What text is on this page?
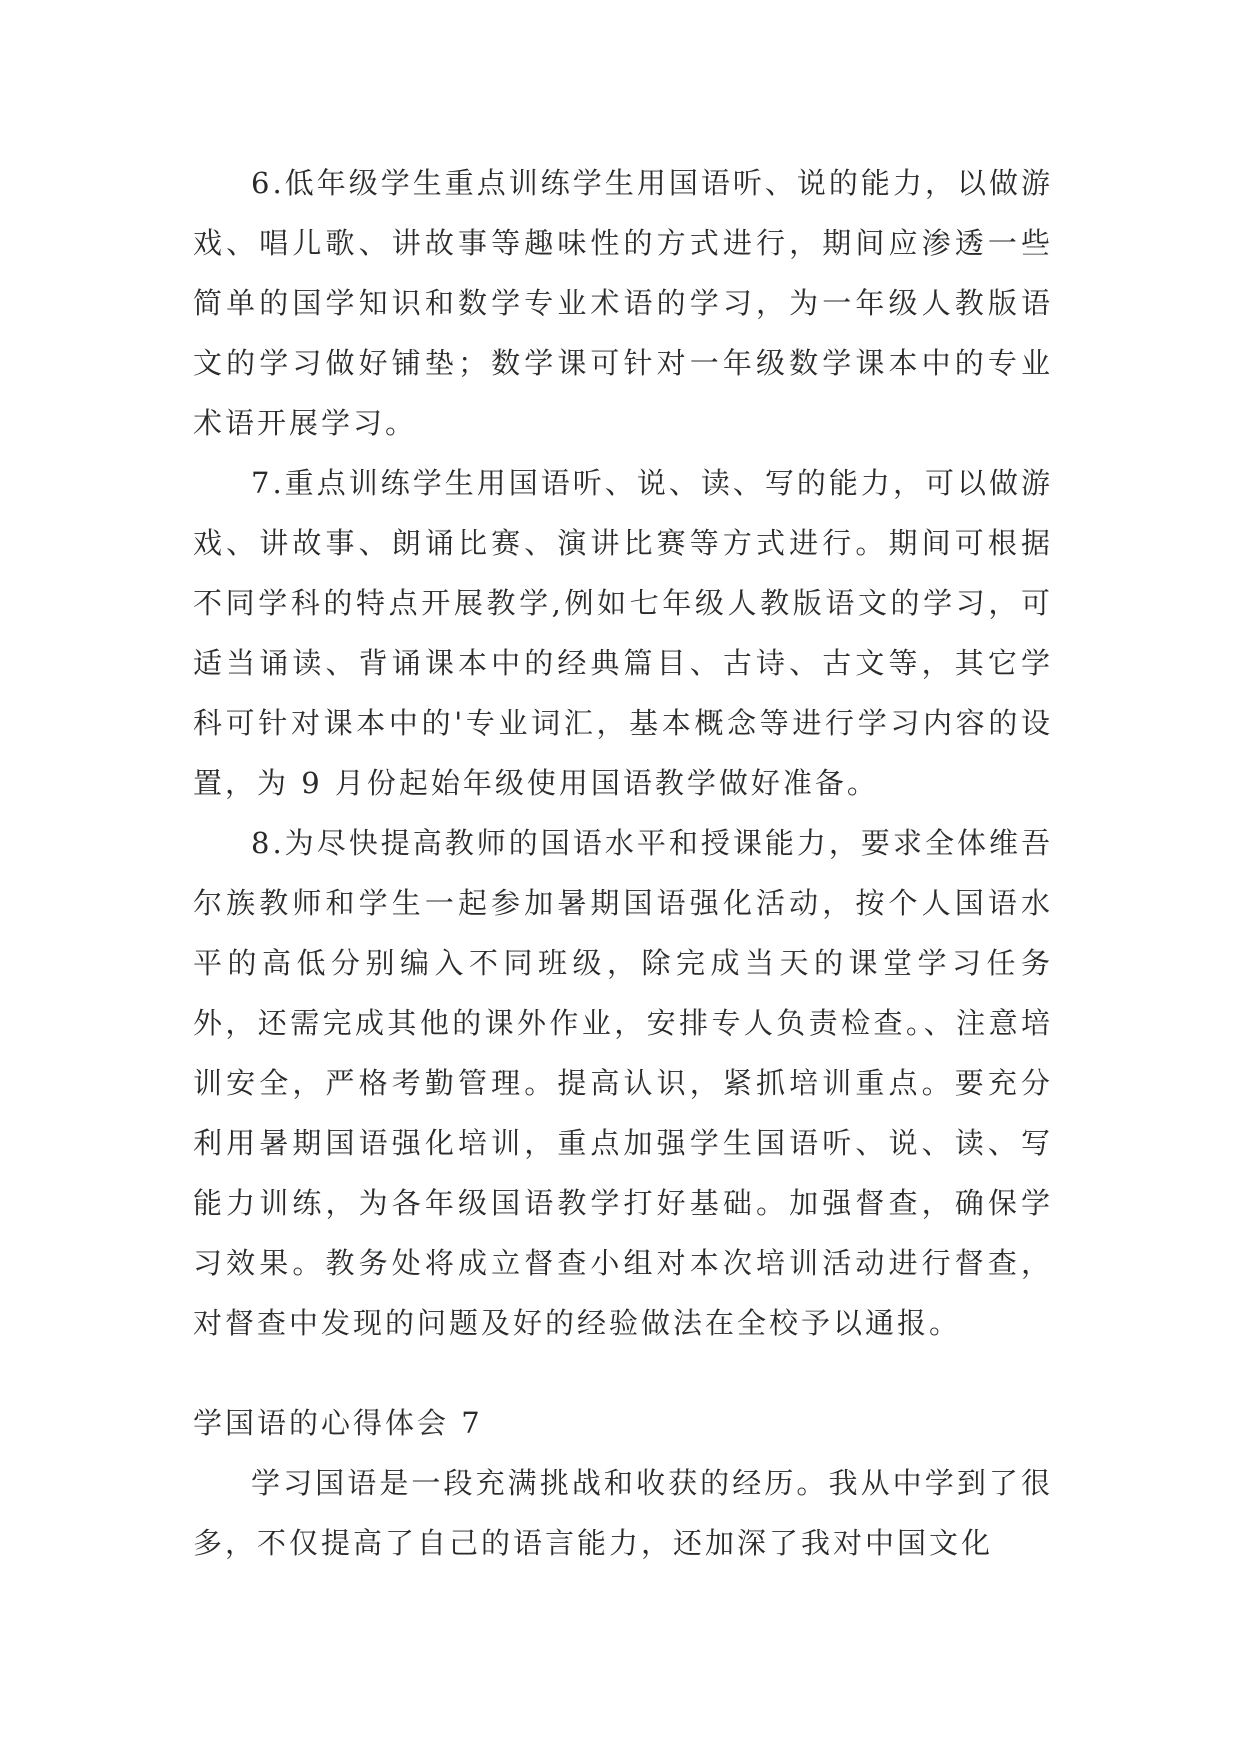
6.低年级学生重点训练学生用国语听、说的能力，以做游戏、唱儿歌、讲故事等趣味性的方式进行，期间应渗透一些简单的国学知识和数学专业术语的学习，为一年级人教版语文的学习做好铺垫；数学课可针对一年级数学课本中的专业术语开展学习。

7.重点训练学生用国语听、说、读、写的能力，可以做游戏、讲故事、朗诵比赛、演讲比赛等方式进行。期间可根据不同学科的特点开展教学,例如七年级人教版语文的学习，可适当诵读、背诵课本中的经典篇目、古诗、古文等，其它学科可针对课本中的'专业词汇，基本概念等进行学习内容的设置，为 9 月份起始年级使用国语教学做好准备。

8.为尽快提高教师的国语水平和授课能力，要求全体维吾尔族教师和学生一起参加暑期国语强化活动，按个人国语水平的高低分别编入不同班级，除完成当天的课堂学习任务外，还需完成其他的课外作业，安排专人负责检查。、注意培训安全，严格考勤管理。提高认识，紧抓培训重点。要充分利用暑期国语强化培训，重点加强学生国语听、说、读、写能力训练，为各年级国语教学打好基础。加强督查，确保学习效果。教务处将成立督查小组对本次培训活动进行督查，对督查中发现的问题及好的经验做法在全校予以通报。

学国语的心得体会 7

学习国语是一段充满挑战和收获的经历。我从中学到了很多，不仅提高了自己的语言能力，还加深了我对中国文化
